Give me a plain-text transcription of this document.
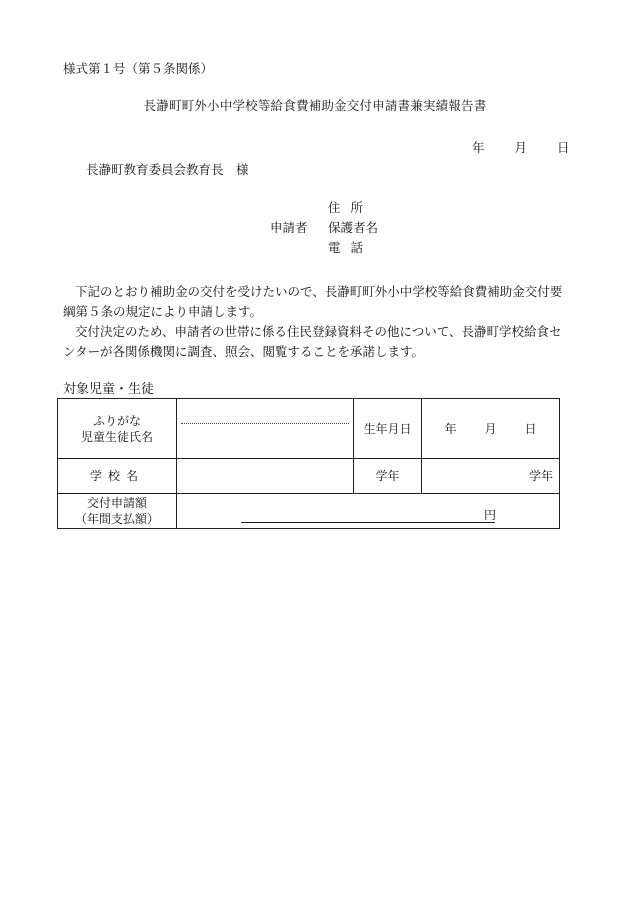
様式第１号（第５条関係）
長瀞町町外小中学校等給食費補助金交付申請書兼実績報告書
年 月 日
長瀞町教育委員会教育長　様
住所
申請者 保護者名
電話

下記のとおり補助金の交付を受けたいので、長瀞町町外小中学校等給食費補助金交付要綱第５条の規定により申請します。

交付決定のため、申請者の世帯に係る住民登録資料その他について、長瀞町学校給食センターが各関係機関に調査、照会、閲覧することを承諾します。

対象児童・生徒
ふりがな
児童生徒氏名		生年月日	年 月 日
学校名		学年	学年

交付申請額
（年間支払額）	円		
